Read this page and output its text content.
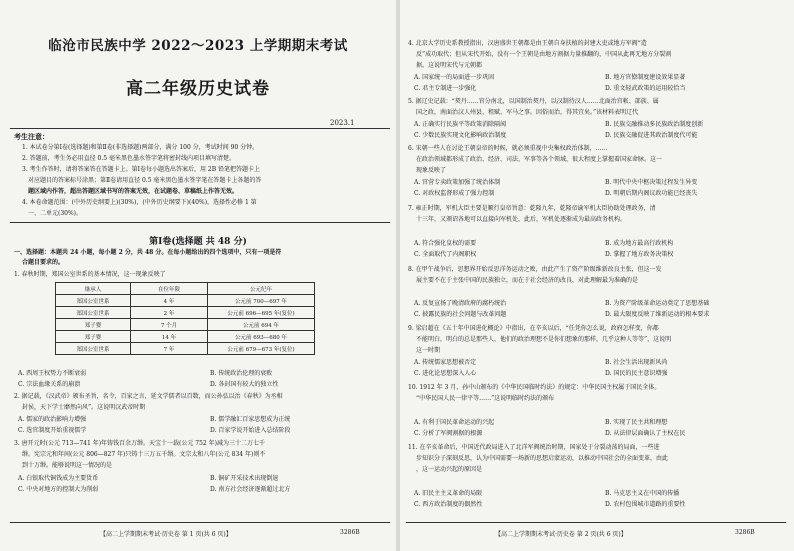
临沧市民族中学 2022～2023 上学期期末考试
高二年级历史试卷
2023.1
考生注意：
1. 本试卷分第Ⅰ卷(选择题)和第Ⅱ卷(非选择题)两部分，满分 100 分，考试时间 90 分钟。
2. 答题前，考生务必用直径 0.5 毫米黑色墨水签字笔将密封线内项目填写清楚。
3. 考生作答时，请将答案答在答题卡上。第Ⅰ卷每小题选出答案后，用 2B 铅笔把答题卡上
对应题目的答案标号涂黑；第Ⅱ卷请用直径 0.5 毫米黑色墨水签字笔在答题卡上各题的答
题区域内作答，超出答题区域书写的答案无效，在试题卷、草稿纸上作答无效。
4. 本卷命题范围：(中外历史纲要上)(30%)，(中外历史纲要下)(40%)，选择性必修 1 第
一、二单元(30%)。
第Ⅰ卷(选择题 共 48 分)
一、选择题：本题共 24 小题，每小题 2 分，共 48 分。在每小题给出的四个选项中，只有一项是符
合题目要求的。
1. 春秋时期，郑国公室世系的基本情况，这一现象反映了
继承人	在位年限	公元纪年
郑国公室世系	4 年	公元前 700—697 年
郑国公室世系	2 年	公元前 696—695 年(复位)
郑子婴	7 个月	公元前 694 年
郑子婴	14 年	公元前 693—680 年
郑国公室世系	7 年	公元前 679—673 年(复位)
A. 西周王权势力不断衰弱	B. 传统政治伦理的衰败
C. 宗法血缘关系的崩溃	D. 各封国有较大的独立性
2. 据记载，《汉武帝》颁布圣旨，名令，百家之言，延文学儒者以百数，而公孙弘以治《春秋》为丞相
封侯，天下学士靡然向风”。这说明汉武帝时期
A. 儒家的政治影响力增强	B. 儒学融汇百家思想成为正统
C. 选官制度开始重视儒学	D. 百家学说开始进入总结阶段
3. 唐开元时(公元 713—741 年)年铸钱百余万缗。天宝十一载(公元 752 年)减为三十二万七千
缗。宪宗元和年间(公元 806—827 年)只铸十三万五千缗。文宗太和八年(公元 834 年)则不
到十万缗。能够说明这一情况的是
A. 白银取代铜钱成为主要货币	B. 铜矿开采技术出现倒退
C. 中央对地方的控制大为削弱	D. 南方社会经济逐渐超过北方
【高二上学期期末考试·历史卷 第 1 页(共 6 页)】	3286B
4. 北京大学历史系教授指出，汉唐盛世王朝都是由王朝自身扶植的封建大吏或地方军阀“造
反”成功取代；但从宋代开始，没有一个王朝是由地方割据力量推翻的，中国从此再无地方分裂割
据。这说明宋代与元朝都
A. 国家统一的局面进一步巩固	B. 地方官僚制度建设效果显著
C. 君主专制进一步强化	D. 重文轻武政策的运用较恰当
5. 据辽史记载：“契丹……官分南北，以国制治契丹，以汉制待汉人……北面治宫帐、部族、属
国之政，南面治汉人州县、租赋、军马之事。因俗而治，得其宜矣。”该材料表明辽代
A. 正确实行民族平等政策消除隔阂	B. 民族交融推动多民族政治制度创新
C. 少数民族实现文化影响政治制度	D. 民族交融促进其政治制度代可能
6. 宋朝一些人在讨论王朝皇帝的时候，就必须重视中央集权政治体制，……
在政治领域都形成了政治、经济、司法、军事等各个领域，很大程度上掌握着国家命脉。这一
现象反映了
A. 官营专卖政策加强了统治体制	B. 明代中央中枢决策过程发生异变
C. 对政权监督形成了强力控制	D. 明朝后期内阁议政功能已经丧失
7. 雍正时期，军机大臣主要是顺行皇帝旨意：乾隆九年，乾隆帝谕军机大臣协助处理政务，清
十三年，又颁诏各地可以直接向军机处，此后，军机处逐渐成为最高政务机构。
A. 符合强化皇权的需要	B. 成为地方最高行政机构
C. 全面取代了内阁职权	D. 掌握了地方政务决策权
8. 在甲午战争后，思想界开始反思洋务运动之败，由此产生了资产阶级维新改良主张，但这一发
展主要不在于主张中国的民族独立，而在于社会经济的改良，对此理解最为准确的是
A. 反复宣扬了晚清政府的腐朽统治	B. 为资产阶级革命运动奠定了思想基础
C. 披露民族的社会问题与改革问题	D. 最大限度反映了维新运动的根本要求
9. 梁启超在《五十年中国进化概论》中指出，在辛亥以后，“任凭你怎么说，政府怎样变，你都
不能明白，明白的总是那些人，他们的政治理想不是你们想象的那样，几乎这种人等等”，这说明
这一时期
A. 传统儒家思想被否定	B. 社会生活出现新风尚
C. 进化论思想深入人心	D. 国民的民主意识增强
10. 1912 年 3 月，孙中山颁布的《中华民国临时约法》的规定：中华民国主权属于国民全体。
“中华民国人民一律平等……”这说明临时约法的颁布
A. 有利于国民革命运动的兴起	B. 实现了民主共和理想
C. 分析了军阀割据的根源	D. 从法律层面确认了主权在民
11. 在辛亥革命后，中国近代政局进入了北洋军阀统治时期，国家处于分裂动荡的局面，一些进
步知识分子深刻反思，认为中国需要一场新的思想启蒙运动，以推动中国社会的全面变革，由此
，这一运动兴起的原因是
A. 旧民主主义革命的局限	B. 马克思主义在中国的传播
C. 西方政治制度的偶然性	D. 农村包围城市道路的重要性
【高二上学期期末考试·历史卷 第 2 页(共 6 页)】	3286B
